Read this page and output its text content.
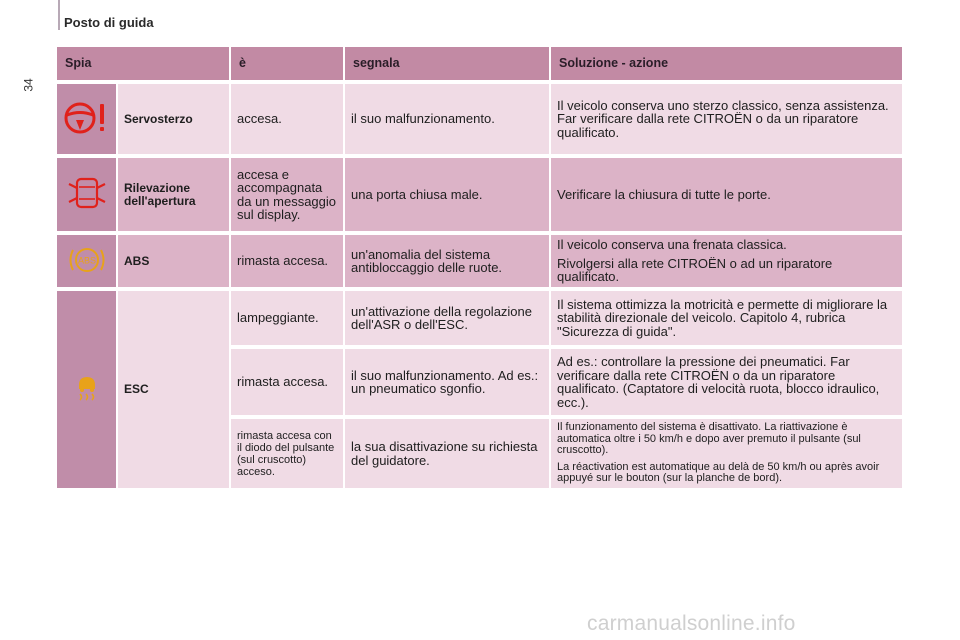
Posto di guida
34
Spia		è	segnala	Soluzione - azione
	Servosterzo	accesa.	il suo malfunzionamento.	Il veicolo conserva uno sterzo classico, senza assistenza. Far verificare dalla rete CITROËN o da un riparatore qualificato.

	Rilevazione dell'apertura	accesa e accompagnata da un messaggio sul display.	una porta chiusa male.	Verificare la chiusura di tutte le porte.

ABS	ABS	rimasta accesa.	un'anomalia del sistema antibloccaggio delle ruote.	Il veicolo conserva una frenata classica.

Rivolgersi alla rete CITROËN o ad un riparatore qualificato.

	ESC	lampeggiante.	un'attivazione della regolazione dell'ASR o dell'ESC.	Il sistema ottimizza la motricità e permette di migliorare la stabilità direzionale del veicolo. Capitolo 4, rubrica "Sicurezza di guida".

		rimasta accesa.	il suo malfunzionamento. Ad es.: un pneumatico sgonfio.	Ad es.: controllare la pressione dei pneumatici. Far verificare dalla rete CITROËN o da un riparatore qualificato. (Captatore di velocità ruota, blocco idraulico, ecc.).

		rimasta accesa con il diodo del pulsante (sul cruscotto) acceso.	la sua disattivazione su richiesta del guidatore.	Il funzionamento del sistema è disattivato. La riattivazione è automatica oltre i 50 km/h e dopo aver premuto il pulsante (sul cruscotto).

La réactivation est automatique au delà de 50 km/h ou après avoir appuyé sur le bouton (sur la planche de bord).

carmanualsonline.info
